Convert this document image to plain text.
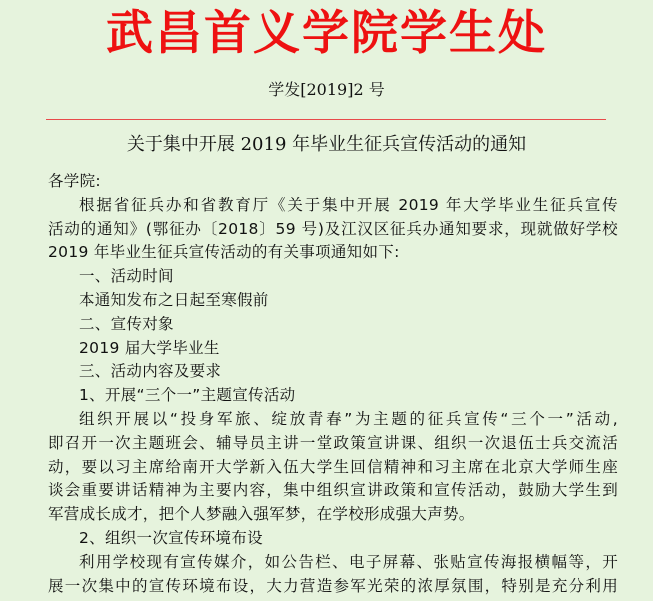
武昌首义学院学生处
学发[2019]2 号
关于集中开展 2019 年毕业生征兵宣传活动的通知
各学院:
根据省征兵办和省教育厅《关于集中开展 2019 年大学毕业生征兵宣传
活动的通知》(鄂征办〔2018〕59 号)及江汉区征兵办通知要求，现就做好学校
2019 年毕业生征兵宣传活动的有关事项通知如下:
一、活动时间
本通知发布之日起至寒假前
二、宣传对象
2019 届大学毕业生
三、活动内容及要求
1、开展“三个一”主题宣传活动
组织开展以“投身军旅、绽放青春”为主题的征兵宣传“三个一”活动,
即召开一次主题班会、辅导员主讲一堂政策宣讲课、组织一次退伍士兵交流活
动，要以习主席给南开大学新入伍大学生回信精神和习主席在北京大学师生座
谈会重要讲话精神为主要内容，集中组织宣讲政策和宣传活动，鼓励大学生到
军营成长成才，把个人梦融入强军梦，在学校形成强大声势。
2、组织一次宣传环境布设
利用学校现有宣传媒介，如公告栏、电子屏幕、张贴宣传海报横幅等，开
展一次集中的宣传环境布设，大力营造参军光荣的浓厚氛围，特别是充分利用
